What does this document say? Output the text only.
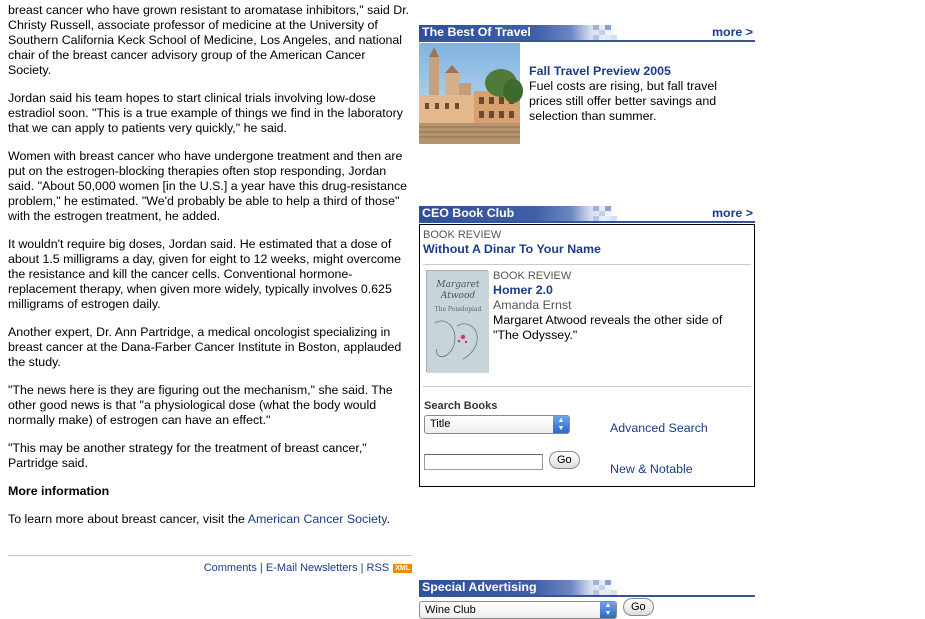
breast cancer who have grown resistant to aromatase inhibitors," said Dr. Christy Russell, associate professor of medicine at the University of Southern California Keck School of Medicine, Los Angeles, and national chair of the breast cancer advisory group of the American Cancer Society.

Jordan said his team hopes to start clinical trials involving low-dose estradiol soon. "This is a true example of things we find in the laboratory that we can apply to patients very quickly," he said.

Women with breast cancer who have undergone treatment and then are put on the estrogen-blocking therapies often stop responding, Jordan said. "About 50,000 women [in the U.S.] a year have this drug-resistance problem," he estimated. "We'd probably be able to help a third of those" with the estrogen treatment, he added.

It wouldn't require big doses, Jordan said. He estimated that a dose of about 1.5 milligrams a day, given for eight to 12 weeks, might overcome the resistance and kill the cancer cells. Conventional hormone-replacement therapy, when given more widely, typically involves 0.625 milligrams of estrogen daily.

Another expert, Dr. Ann Partridge, a medical oncologist specializing in breast cancer at the Dana-Farber Cancer Institute in Boston, applauded the study.

"The news here is they are figuring out the mechanism," she said. The other good news is that "a physiological dose (what the body would normally make) of estrogen can have an effect."

"This may be another strategy for the treatment of breast cancer," Partridge said.

More information

To learn more about breast cancer, visit the American Cancer Society.

Comments | E-Mail Newsletters | RSS XML
The Best Of Travel	more >
Fall Travel Preview 2005
Fuel costs are rising, but fall travel prices still offer better savings and selection than summer.
CEO Book Club	more >
BOOK REVIEW
Without A Dinar To Your Name
Margaret
Atwood
The Penelopiad
BOOK REVIEW
Homer 2.0
Amanda Ernst
Margaret Atwood reveals the other side of "The Odyssey."
Search Books
Title	▲
▼	Advanced Search
Go
New & Notable
Special Advertising
Wine Club	▲
▼
Go
